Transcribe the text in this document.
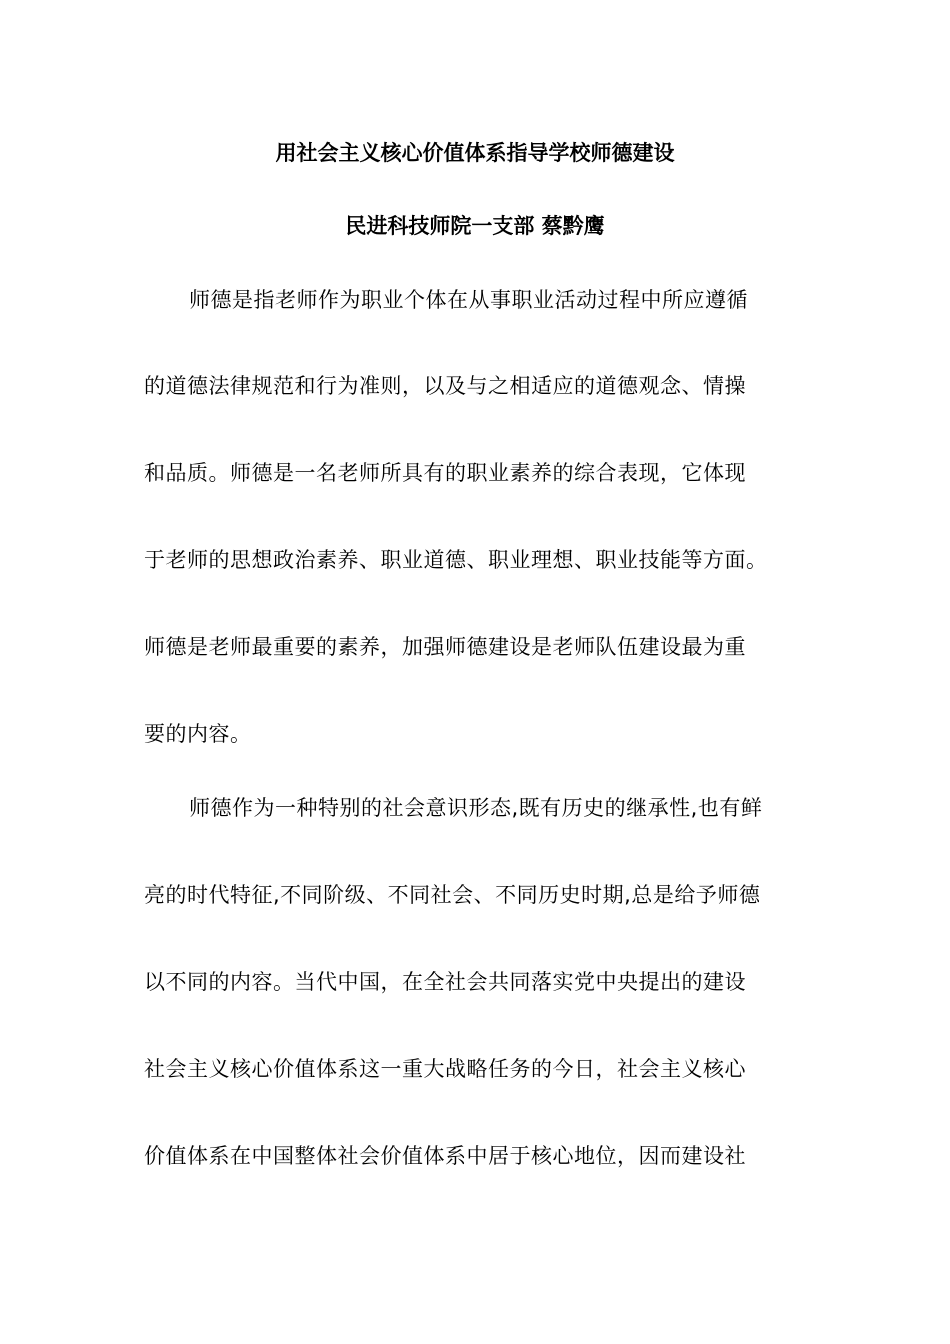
用社会主义核心价值体系指导学校师德建设
民进科技师院一支部 蔡黔鹰
师德是指老师作为职业个体在从事职业活动过程中所应遵循
的道德法律规范和行为准则，以及与之相适应的道德观念、情操
和品质。师德是一名老师所具有的职业素养的综合表现，它体现
于老师的思想政治素养、职业道德、职业理想、职业技能等方面。
师德是老师最重要的素养，加强师德建设是老师队伍建设最为重
要的内容。
师德作为一种特别的社会意识形态,既有历史的继承性,也有鲜
亮的时代特征,不同阶级、不同社会、不同历史时期,总是给予师德
以不同的内容。当代中国，在全社会共同落实党中央提出的建设
社会主义核心价值体系这一重大战略任务的今日，社会主义核心
价值体系在中国整体社会价值体系中居于核心地位，因而建设社
